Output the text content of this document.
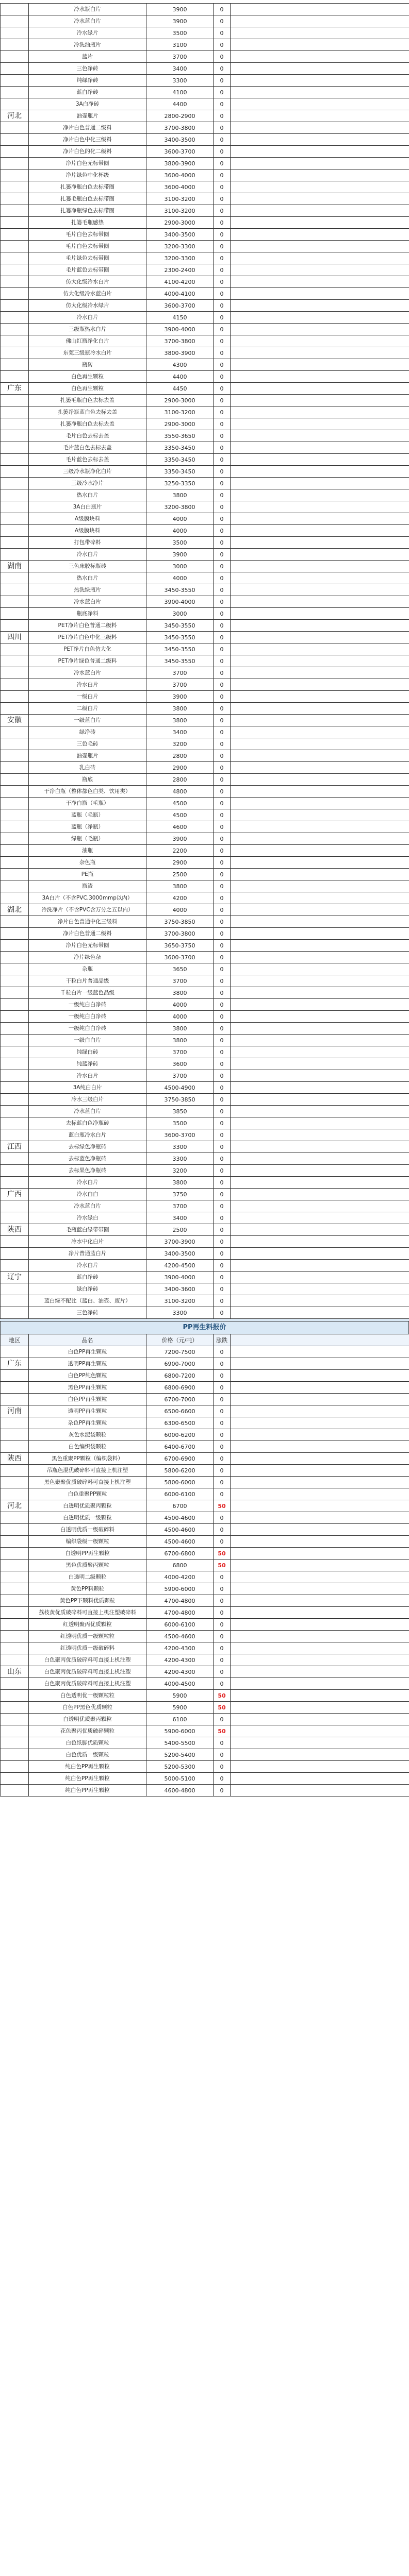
	冷水瓶白片	3900	0	
	冷水蓝白片	3900	0	
	冷水绿片	3500	0	
	冷洗油瓶片	3100	0	
	蓝片	3700	0	
	三色净砖	3400	0	
	纯绿净砖	3300	0	
	蓝白净砖	4100	0	
	3A白净砖	4400	0	
河北	油壶瓶片	2800-2900	0	
	净片白色普通二级料	3700-3800	0	
	净片白色中化三级料	3400-3500	0	
	净片白色的化二级料	3600-3700	0	
	净片白色无标带圈	3800-3900	0	
	净片绿色中化杯级	3600-4000	0	
	扎篓净瓶白色去标带圈	3600-4000	0	
	扎篓毛瓶白色去标带圈	3100-3200	0	
	扎篓净瓶绿色去标带圈	3100-3200	0	
	扎篓毛瓶感热	2900-3000	0	
	毛片白色去标带圈	3400-3500	0	
	毛片白色去标带圈	3200-3300	0	
	毛片绿色去标带圈	3200-3300	0	
	毛片蓝色去标带圈	2300-2400	0	
	仿大化级冷水白片	4100-4200	0	
	仿大化级冷水蓝白片	4000-4100	0	
	仿大化级冷水绿片	3600-3700	0	
	冷水白片	4150	0	
	三级瓶热水白片	3900-4000	0	
	佛山红瓶净化白片	3700-3800	0	
	东莞三级瓶冷水白片	3800-3900	0	
	瓶砖	4300	0	
	白色再生颗粒	4400	0	
广东	白色再生颗粒	4450	0	
	扎篓毛瓶白色去标去盖	2900-3000	0	
	扎篓净瓶蓝白色去标去盖	3100-3200	0	
	扎篓净瓶白色去标去盖	2900-3000	0	
	毛片白色去标去盖	3550-3650	0	
	毛片蓝白色去标去盖	3350-3450	0	
	毛片蓝色去标去盖	3350-3450	0	
	三级冷水瓶净化白片	3350-3450	0	
	三级冷水净片	3250-3350	0	
	热水白片	3800	0	
	3A白白瓶片	3200-3800	0	
	A级膜块料	4000	0	
	A级膜块料	4000	0	
	打包带碎料	3500	0	
	冷水白片	3900	0	
湖南	三色床胶标瓶砖	3000	0	
	热水白片	4000	0	
	热洗绿瓶片	3450-3550	0	
	冷水蓝白片	3900-4000	0	
	瓶底净料	3000	0	
	PET净片白色普通二级料	3450-3550	0	
四川	PET净片白色中化三级料	3450-3550	0	
	PET净片白色仿大化	3450-3550	0	
	PET净片绿色普通二级料	3450-3550	0	
	冷水蓝白片	3700	0	
	冷水白片	3700	0	
	一级白片	3900	0	
	二级白片	3800	0	
安徽	一级蓝白片	3800	0	
	绿净砖	3400	0	
	三色毛砖	3200	0	
	油壶瓶片	2800	0	
	乳白砖	2900	0	
	瓶底	2800	0	
	干净白瓶（整体都色白类、饮用类）	4800	0	
	干净白瓶（毛瓶）	4500	0	
	蓝瓶（毛瓶）	4500	0	
	蓝瓶（净瓶）	4600	0	
	绿瓶（毛瓶）	3900	0	
	油瓶	2200	0	
	杂色瓶	2900	0	
	PE瓶	2500	0	
	瓶渣	3800	0	
	3A白片（不含PVC,3000mmp以内）	4200	0	
湖北	冷洗净片（不含PVC含万分之五以内）	4000	0	
	净片白色普通中化三级料	3750-3850	0	
	净片白色普通二级料	3700-3800	0	
	净片白色无标带圈	3650-3750	0	
	净片绿色杂	3600-3700	0	
	杂瓶	3650	0	
	干粒白片普通品级	3700	0	
	千粒白片一级蓝色品级	3800	0	
	一级纯白白净砖	4000	0	
	一级纯白白净砖	4000	0	
	一级纯白白净砖	3800	0	
	一级白白片	3800	0	
	纯绿白砖	3700	0	
	纯蓝净砖	3600	0	
	冷水白片	3700	0	
	3A纯白白片	4500-4900	0	
	冷水三级白片	3750-3850	0	
	冷水蓝白片	3850	0	
	去标蓝白色净瓶砖	3500	0	
	蓝白瓶冷水白片	3600-3700	0	
江西	去标绿色净瓶砖	3300	0	
	去标蓝色净瓶砖	3300	0	
	去标果色净瓶砖	3200	0	
	冷水白片	3800	0	
广西	冷水白白	3750	0	
	冷水蓝白片	3700	0	
	冷水绿白	3400	0	
陕西	毛瓶蓝白绿带带圈	2500	0	
	冷水中化白片	3700-3900	0	
	净片普通蓝白片	3400-3500	0	
	冷水白片	4200-4500	0	
辽宁	蓝白净砖	3900-4000	0	
	绿白净砖	3400-3600	0	
	蓝白绿不配比（蓝白、油壶、废片）	3100-3200	0	
	三色净砖	3300	0	
PP再生料报价
地区	品名	价格（元/吨）	涨跌	
	白色PP再生颗粒	7200-7500	0	
广东	透明PP再生颗粒	6900-7000	0	
	白色PP纯色颗粒	6800-7200	0	
	黑色PP再生颗粒	6800-6900	0	
	白色PP再生颗粒	6700-7000	0	
河南	透明PP再生颗粒	6500-6600	0	
	杂色PP再生颗粒	6300-6500	0	
	灰色水泥袋颗粒	6000-6200	0	
	白色编织袋颗粒	6400-6700	0	
陕西	黑色重聚PP颗粒（编织袋料）	6700-6900	0	
	吊瓶色混优破碎料可直接上机注塑	5800-6200	0	
	黑色聚聚优质破碎料可直接上机注塑	5800-6000	0	
	白色重聚PP颗粒	6000-6100	0	
河北	白透明优质聚丙颗粒	6700	50	
	白透明优质一级颗粒	4500-4600	0	
	白透明优质一级破碎料	4500-4600	0	
	编织袋级一级颗粒	4500-4600	0	
	白透明PP再生颗粒	6700-6800	50	
	黑色优质聚丙颗粒	6800	50	
	白透明二级颗粒	4000-4200	0	
	黄色PP料颗粒	5900-6000	0	
	黄色PP下颗料优质颗粒	4700-4800	0	
	荔枝黄优质破碎料可直接上机注塑破碎料	4700-4800	0	
	红透明聚丙优质颗粒	6000-6100	0	
	红透明优质一级颗粒粒	4500-4600	0	
	红透明优质一级破碎料	4200-4300	0	
	白色聚丙优质破碎料可直接上机注塑	4200-4300	0	
山东	白色聚丙优质破碎料可直接上机注塑	4200-4300	0	
	白色聚丙优质破碎料可直接上机注塑	4000-4500	0	
	白色透明优一级颗粒粒	5900	50	
	白色PP黑色优质颗粒	5900	50	
	白透明优质聚丙颗粒	6100	0	
	花色聚丙优质破碎颗粒	5900-6000	50	
	白色纸脚优质颗粒	5400-5500	0	
	白色优质一级颗粒	5200-5400	0	
	纯白色PP再生颗粒	5200-5300	0	
	纯白色PP再生颗粒	5000-5100	0	
	纯白色PP再生颗粒	4600-4800	0	
